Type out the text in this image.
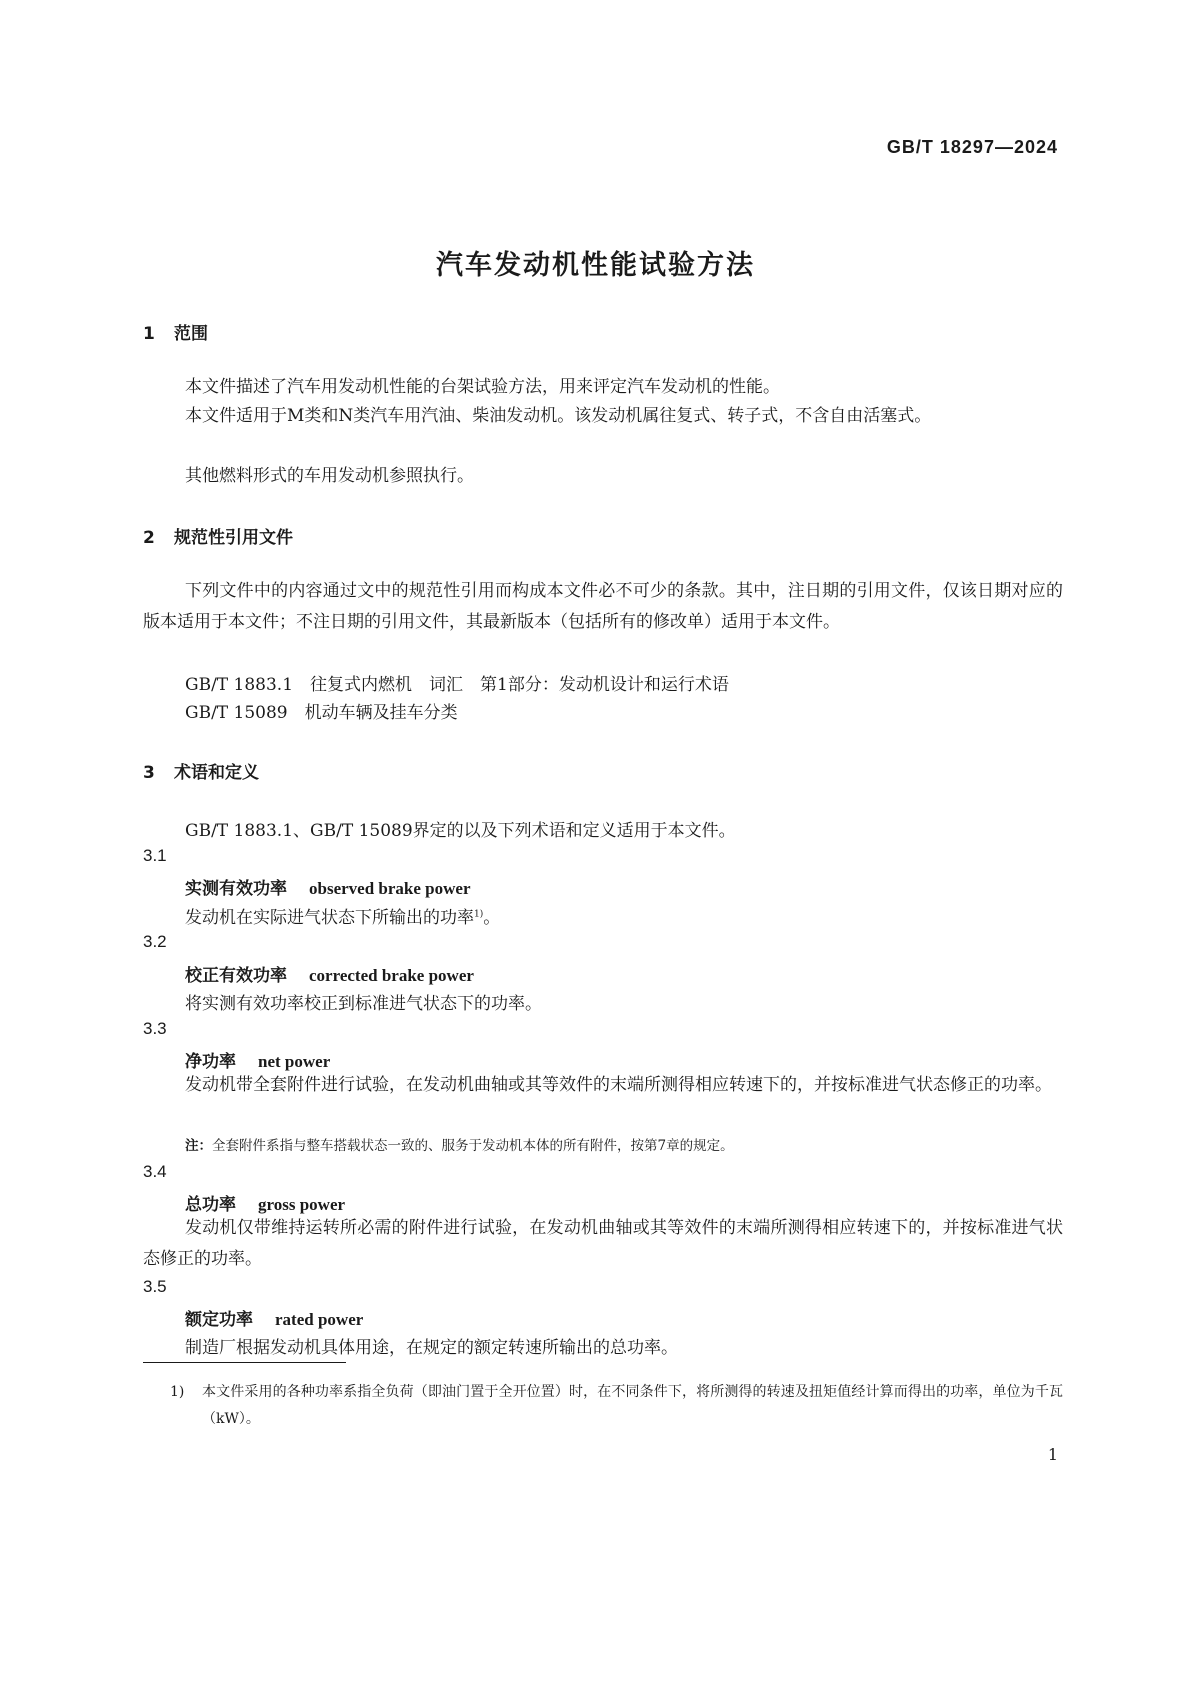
GB/T 18297—2024
汽车发动机性能试验方法
1 范围
本文件描述了汽车用发动机性能的台架试验方法，用来评定汽车发动机的性能。
本文件适用于M类和N类汽车用汽油、柴油发动机。该发动机属往复式、转子式，不含自由活塞式。
其他燃料形式的车用发动机参照执行。
2 规范性引用文件
下列文件中的内容通过文中的规范性引用而构成本文件必不可少的条款。其中，注日期的引用文件，仅该日期对应的版本适用于本文件；不注日期的引用文件，其最新版本（包括所有的修改单）适用于本文件。
GB/T 1883.1　往复式内燃机　词汇　第1部分：发动机设计和运行术语
GB/T 15089　机动车辆及挂车分类
3 术语和定义
GB/T 1883.1、GB/T 15089界定的以及下列术语和定义适用于本文件。
3.1
实测有效功率 observed brake power
发动机在实际进气状态下所输出的功率$^{1)}$。
3.2
校正有效功率 corrected brake power
将实测有效功率校正到标准进气状态下的功率。
3.3
净功率 net power
发动机带全套附件进行试验，在发动机曲轴或其等效件的末端所测得相应转速下的，并按标准进气状态修正的功率。
注：全套附件系指与整车搭载状态一致的、服务于发动机本体的所有附件，按第7章的规定。
3.4
总功率 gross power
发动机仅带维持运转所必需的附件进行试验，在发动机曲轴或其等效件的末端所测得相应转速下的，并按标准进气状态修正的功率。
3.5
额定功率 rated power
制造厂根据发动机具体用途，在规定的额定转速所输出的总功率。
1) 本文件采用的各种功率系指全负荷（即油门置于全开位置）时，在不同条件下，将所测得的转速及扭矩值经计算而得出的功率，单位为千瓦（kW）。
1
